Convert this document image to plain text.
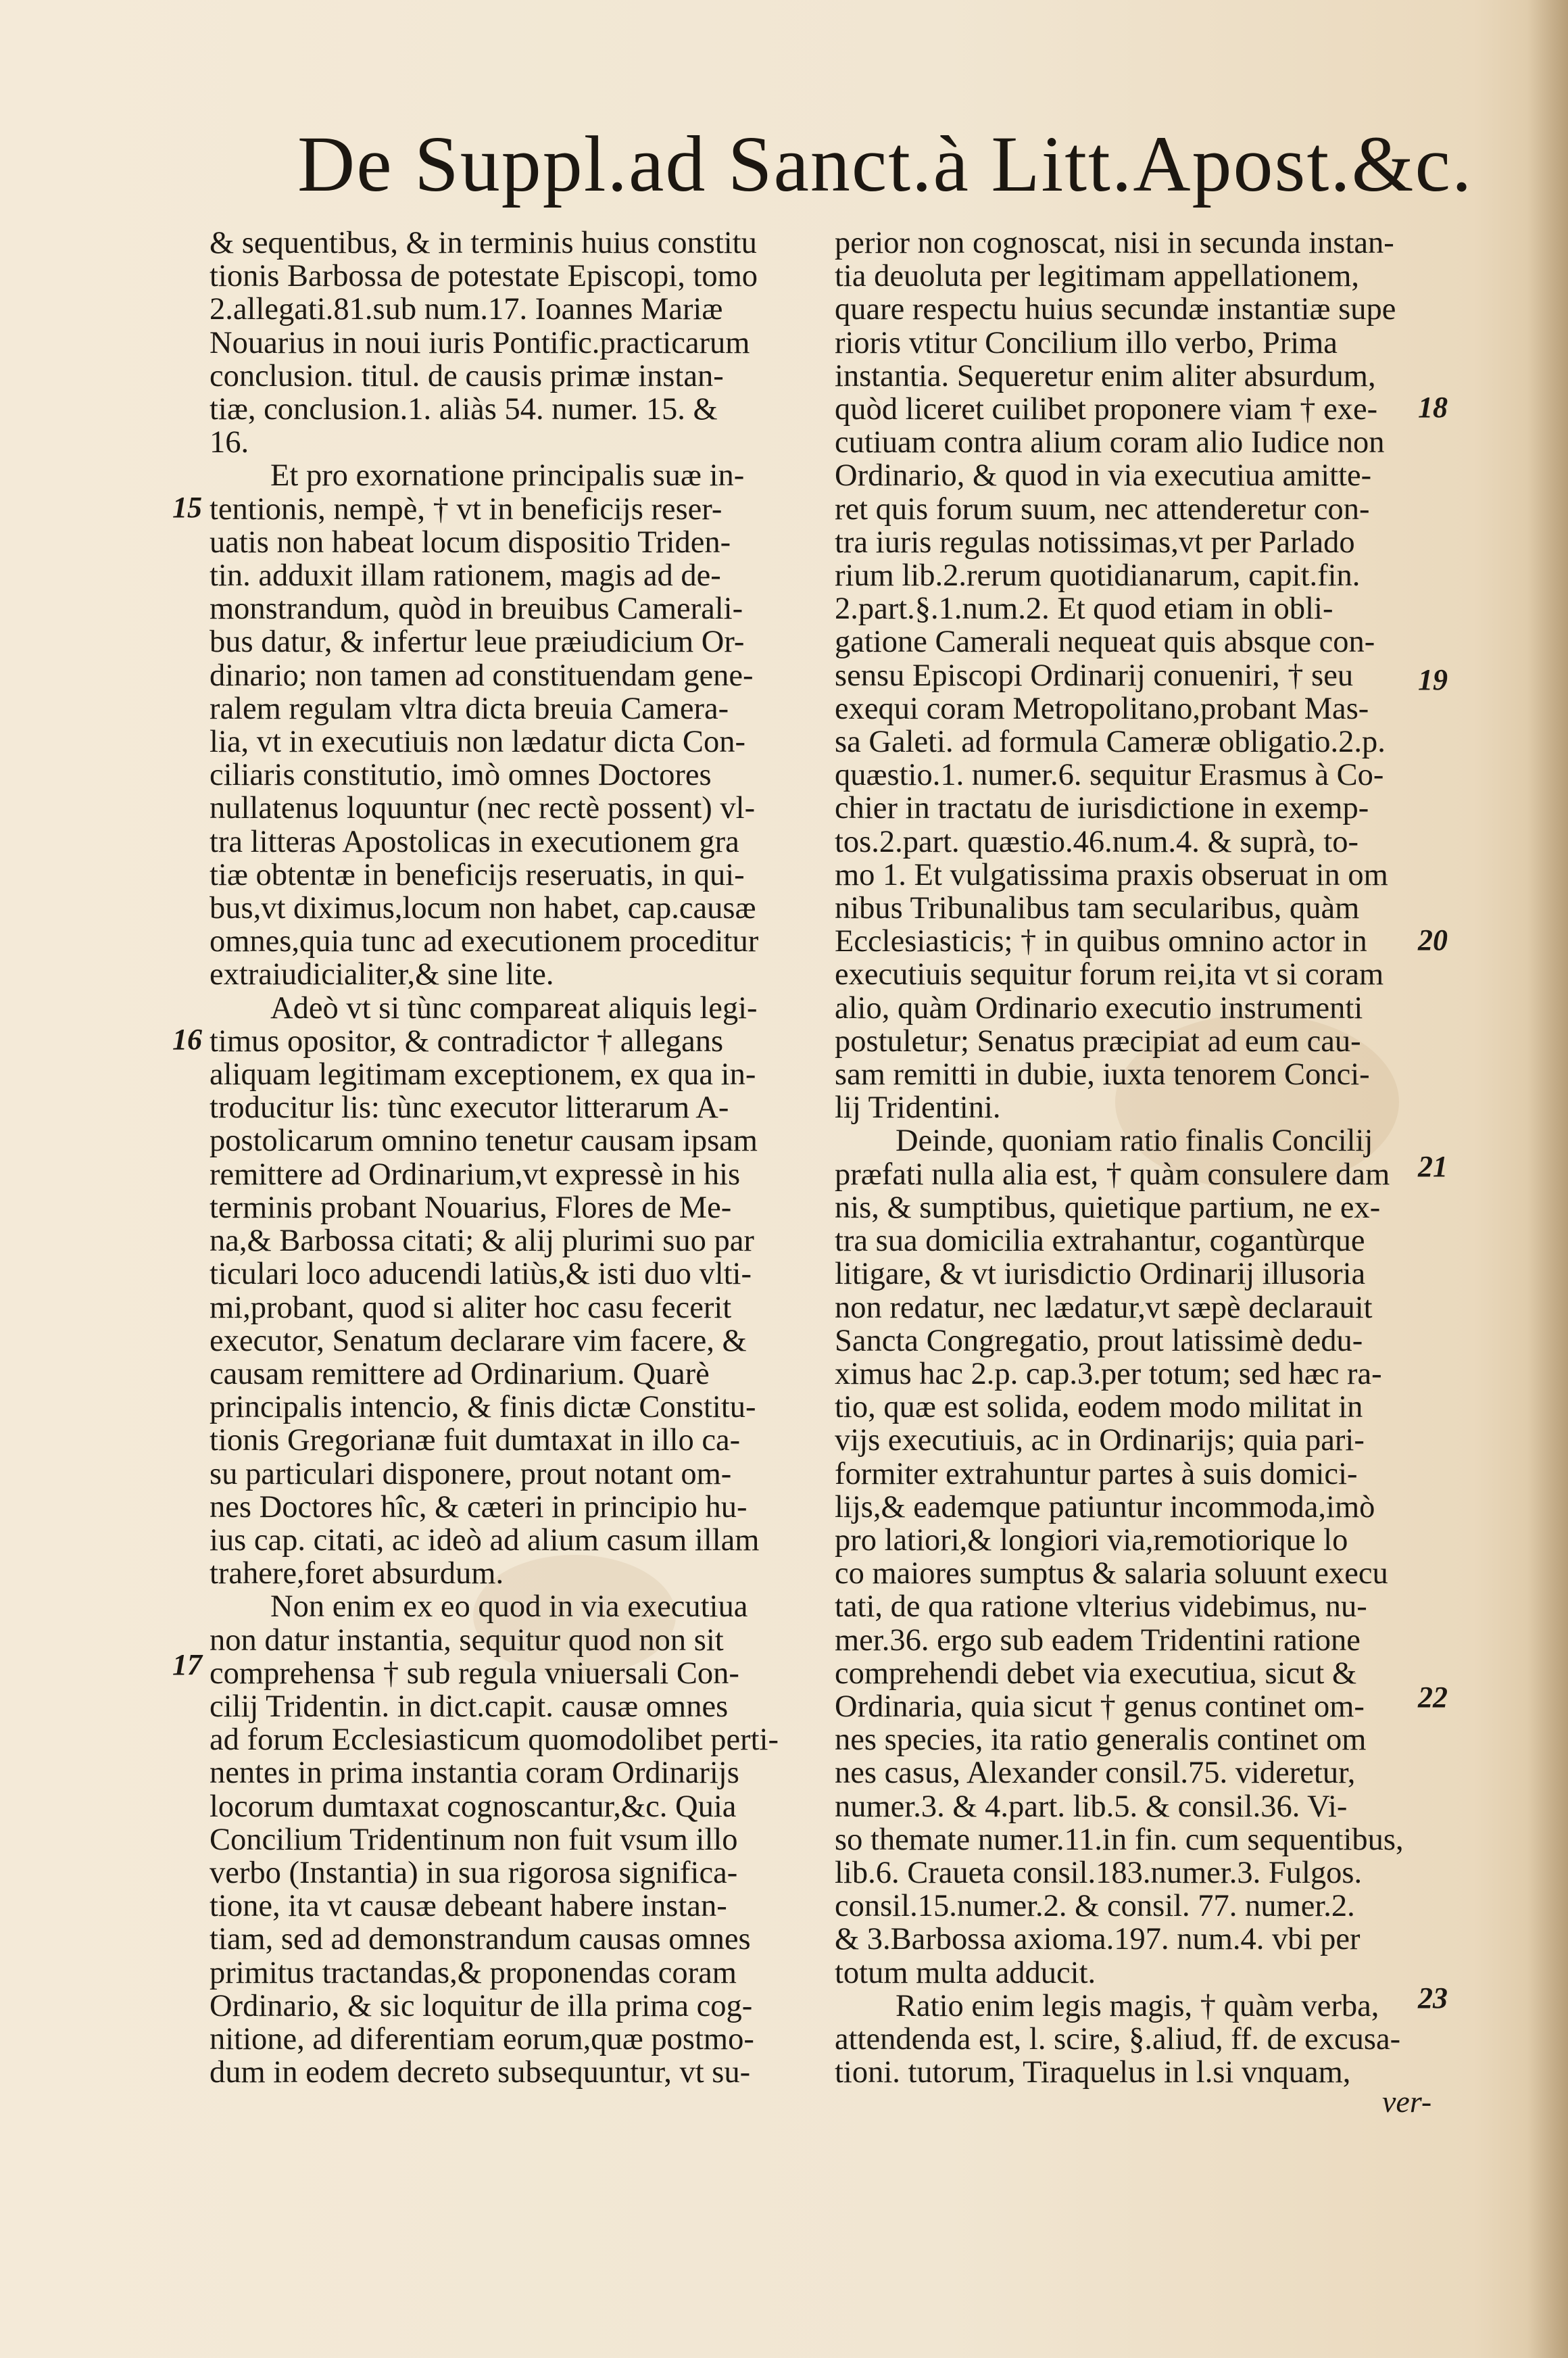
De Suppl.ad Sanct.à Litt.Apost.&c.
& sequentibus, & in terminis huius constitu
tionis Barbossa de potestate Episcopi, tomo
2.allegati.81.sub num.17. Ioannes Mariæ
Nouarius in noui iuris Pontific.practicarum
conclusion. titul. de causis primæ instan-
tiæ, conclusion.1. aliàs 54. numer. 15. &
16.
Et pro exornatione principalis suæ in-
tentionis, nempè, † vt in beneficijs reser-
uatis non habeat locum dispositio Triden-
tin. adduxit illam rationem, magis ad de-
monstrandum, quòd in breuibus Camerali-
bus datur, & infertur leue præiudicium Or-
dinario; non tamen ad constituendam gene-
ralem regulam vltra dicta breuia Camera-
lia, vt in executiuis non lædatur dicta Con-
ciliaris constitutio, imò omnes Doctores
nullatenus loquuntur (nec rectè possent) vl-
tra litteras Apostolicas in executionem gra
tiæ obtentæ in beneficijs reseruatis, in qui-
bus,vt diximus,locum non habet, cap.causæ
omnes,quia tunc ad executionem proceditur
extraiudicialiter,& sine lite.
Adeò vt si tùnc compareat aliquis legi-
timus opositor, & contradictor † allegans
aliquam legitimam exceptionem, ex qua in-
troducitur lis: tùnc executor litterarum A-
postolicarum omnino tenetur causam ipsam
remittere ad Ordinarium,vt expressè in his
terminis probant Nouarius, Flores de Me-
na,& Barbossa citati; & alij plurimi suo par
ticulari loco aducendi latiùs,& isti duo vlti-
mi,probant, quod si aliter hoc casu fecerit
executor, Senatum declarare vim facere, &
causam remittere ad Ordinarium. Quarè
principalis intencio, & finis dictæ Constitu-
tionis Gregorianæ fuit dumtaxat in illo ca-
su particulari disponere, prout notant om-
nes Doctores hîc, & cæteri in principio hu-
ius cap. citati, ac ideò ad alium casum illam
trahere,foret absurdum.
Non enim ex eo quod in via executiua
non datur instantia, sequitur quod non sit
comprehensa † sub regula vniuersali Con-
cilij Tridentin. in dict.capit. causæ omnes
ad forum Ecclesiasticum quomodolibet perti-
nentes in prima instantia coram Ordinarijs
locorum dumtaxat cognoscantur,&c. Quia
Concilium Tridentinum non fuit vsum illo
verbo (Instantia) in sua rigorosa significa-
tione, ita vt causæ debeant habere instan-
tiam, sed ad demonstrandum causas omnes
primitus tractandas,& proponendas coram
Ordinario, & sic loquitur de illa prima cog-
nitione, ad diferentiam eorum,quæ postmo-
dum in eodem decreto subsequuntur, vt su-
perior non cognoscat, nisi in secunda instan-
tia deuoluta per legitimam appellationem,
quare respectu huius secundæ instantiæ supe
rioris vtitur Concilium illo verbo, Prima
instantia. Sequeretur enim aliter absurdum,
quòd liceret cuilibet proponere viam † exe-
cutiuam contra alium coram alio Iudice non
Ordinario, & quod in via executiua amitte-
ret quis forum suum, nec attenderetur con-
tra iuris regulas notissimas,vt per Parlado
rium lib.2.rerum quotidianarum, capit.fin.
2.part.§.1.num.2. Et quod etiam in obli-
gatione Camerali nequeat quis absque con-
sensu Episcopi Ordinarij conueniri, † seu
exequi coram Metropolitano,probant Mas-
sa Galeti. ad formula Cameræ obligatio.2.p.
quæstio.1. numer.6. sequitur Erasmus à Co-
chier in tractatu de iurisdictione in exemp-
tos.2.part. quæstio.46.num.4. & suprà, to-
mo 1. Et vulgatissima praxis obseruat in om
nibus Tribunalibus tam secularibus, quàm
Ecclesiasticis; † in quibus omnino actor in
executiuis sequitur forum rei,ita vt si coram
alio, quàm Ordinario executio instrumenti
postuletur; Senatus præcipiat ad eum cau-
sam remitti in dubie, iuxta tenorem Conci-
lij Tridentini.
Deinde, quoniam ratio finalis Concilij
præfati nulla alia est, † quàm consulere dam
nis, & sumptibus, quietique partium, ne ex-
tra sua domicilia extrahantur, cogantùrque
litigare, & vt iurisdictio Ordinarij illusoria
non redatur, nec lædatur,vt sæpè declarauit
Sancta Congregatio, prout latissimè dedu-
ximus hac 2.p. cap.3.per totum; sed hæc ra-
tio, quæ est solida, eodem modo militat in
vijs executiuis, ac in Ordinarijs; quia pari-
formiter extrahuntur partes à suis domici-
lijs,& eademque patiuntur incommoda,imò
pro latiori,& longiori via,remotiorique lo
co maiores sumptus & salaria soluunt execu
tati, de qua ratione vlterius videbimus, nu-
mer.36. ergo sub eadem Tridentini ratione
comprehendi debet via executiua, sicut &
Ordinaria, quia sicut † genus continet om-
nes species, ita ratio generalis continet om
nes casus, Alexander consil.75. videretur,
numer.3. & 4.part. lib.5. & consil.36. Vi-
so themate numer.11.in fin. cum sequentibus,
lib.6. Craueta consil.183.numer.3. Fulgos.
consil.15.numer.2. & consil. 77. numer.2.
& 3.Barbossa axioma.197. num.4. vbi per
totum multa adducit.
Ratio enim legis magis, † quàm verba,
attendenda est, l. scire, §.aliud, ff. de excusa-
tioni. tutorum, Tiraquelus in l.si vnquam,
15
16
17
18
19
20
21
22
23
ver-
